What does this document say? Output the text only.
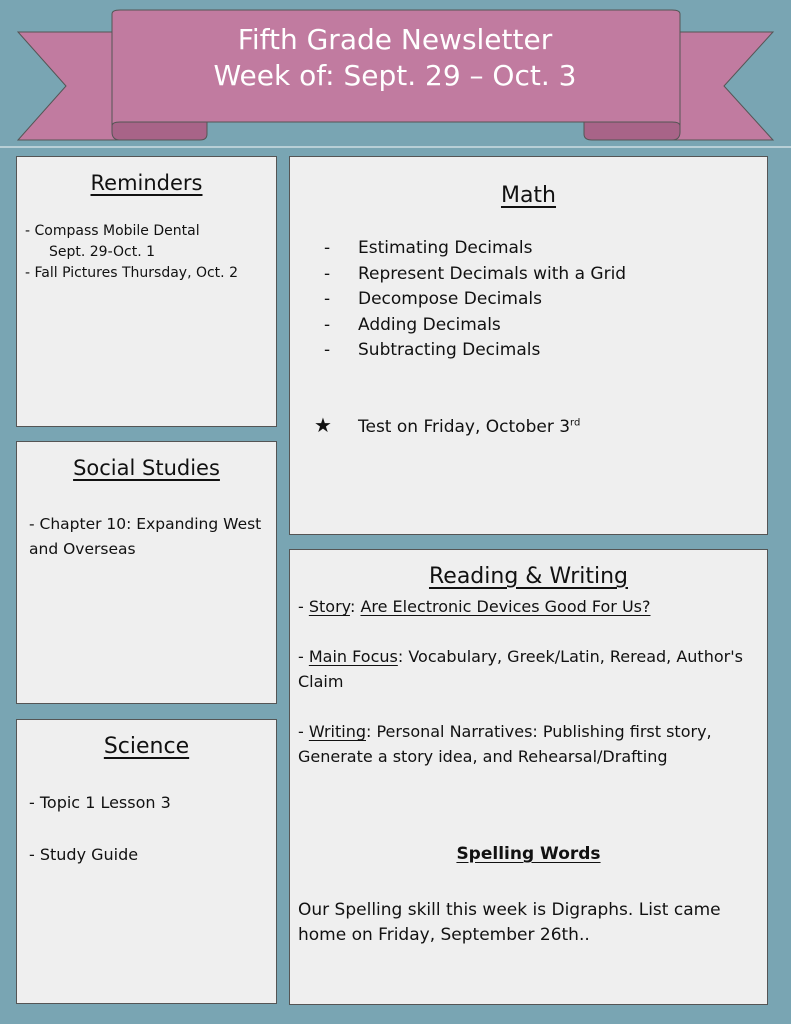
Fifth Grade Newsletter
Week of: Sept. 29 – Oct. 3
Reminders
- Compass Mobile Dental
Sept. 29-Oct. 1
- Fall Pictures Thursday, Oct. 2
Social Studies
- Chapter 10: Expanding West and Overseas
Science
- Topic 1 Lesson 3
- Study Guide
Math
- Estimating Decimals
- Represent Decimals with a Grid
- Decompose Decimals
- Adding Decimals
- Subtracting Decimals
★ Test on Friday, October 3rd
Reading & Writing
- Story: Are Electronic Devices Good For Us?
- Main Focus: Vocabulary, Greek/Latin, Reread, Author's Claim
- Writing: Personal Narratives: Publishing first story, Generate a story idea, and Rehearsal/Drafting
Spelling Words
Our Spelling skill this week is Digraphs. List came home on Friday, September 26th..
